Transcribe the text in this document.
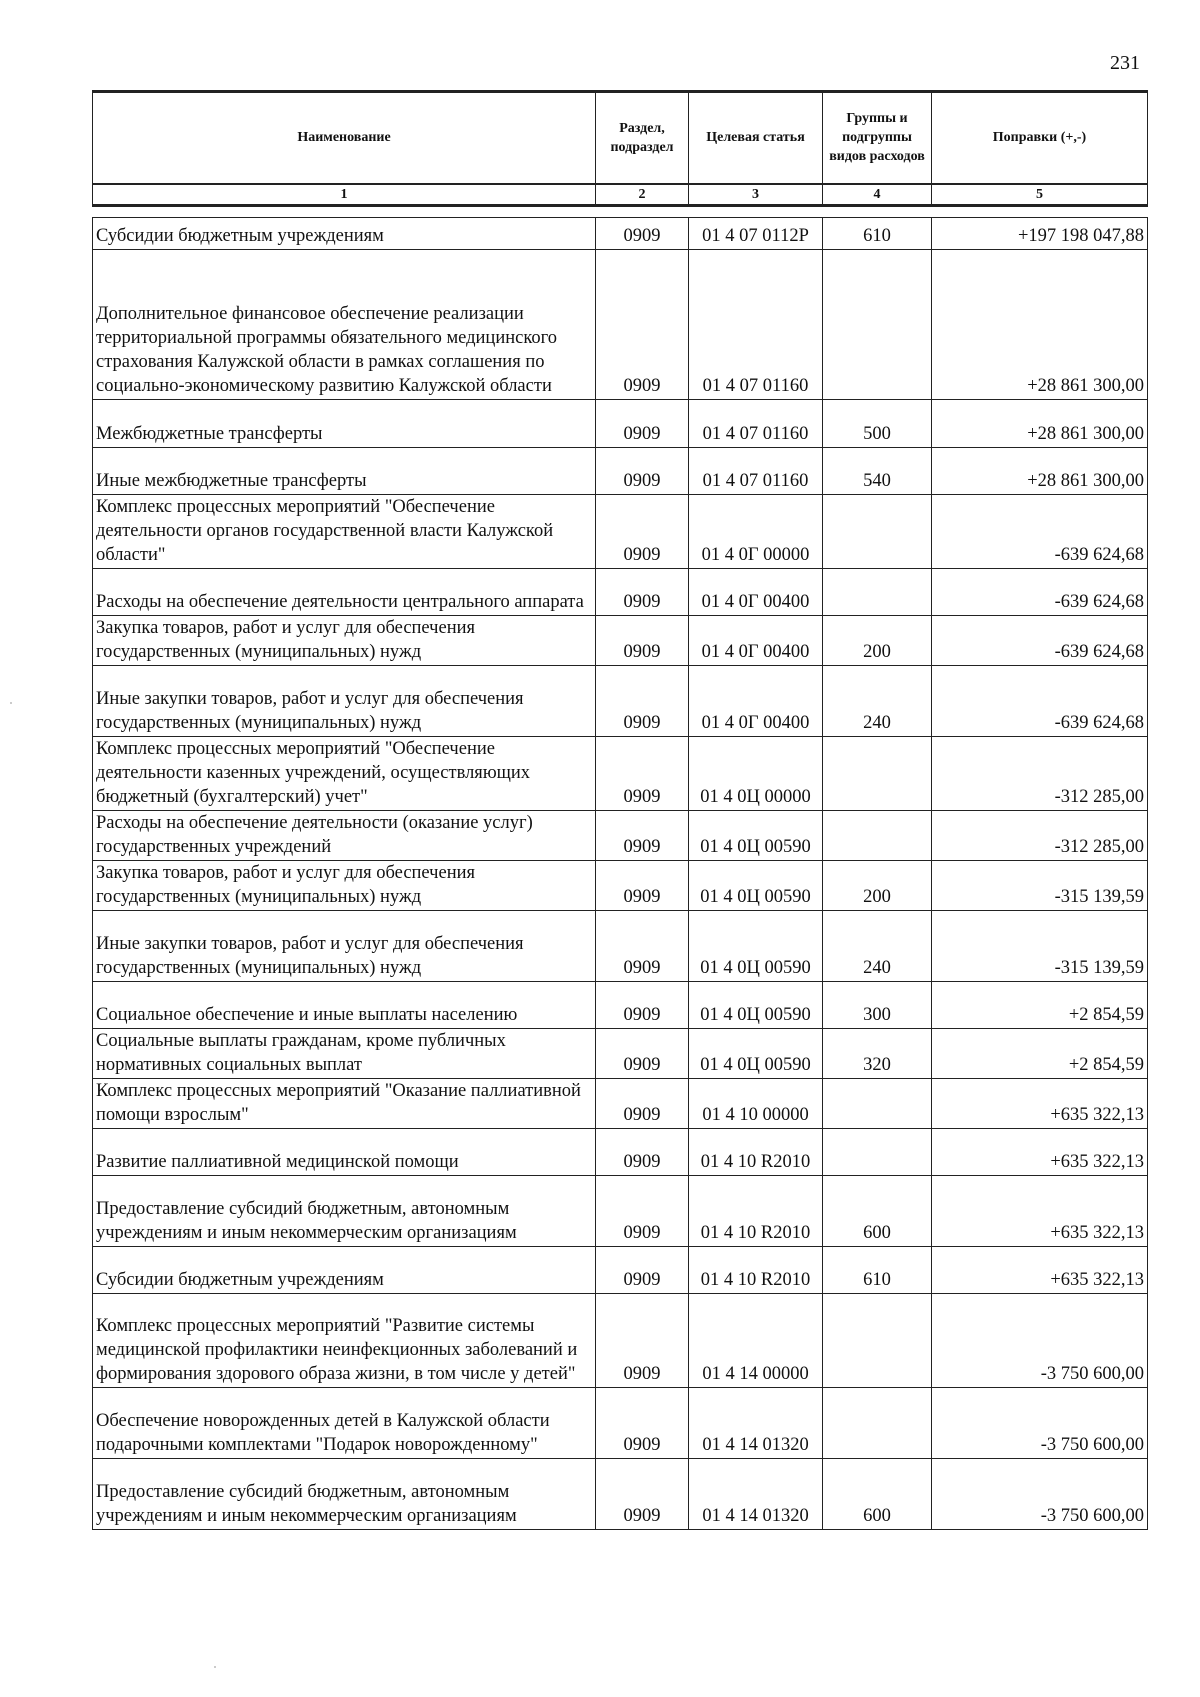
231
Наименование	Раздел, подраздел	Целевая статья	Группы и подгруппы видов расходов	Поправки (+,-)
1	2	3	4	5

Субсидии бюджетным учреждениям	0909	01 4 07 0112P	610	+197 198 047,88
Дополнительное финансовое обеспечение реализации территориальной программы обязательного медицинского страхования Калужской области в рамках соглашения по социально-экономическому развитию Калужской области	0909	01 4 07 01160		+28 861 300,00
Межбюджетные трансферты	0909	01 4 07 01160	500	+28 861 300,00
Иные межбюджетные трансферты	0909	01 4 07 01160	540	+28 861 300,00
Комплекс процессных мероприятий "Обеспечение деятельности органов государственной власти Калужской области"	0909	01 4 0Г 00000		-639 624,68
Расходы на обеспечение деятельности центрального аппарата	0909	01 4 0Г 00400		-639 624,68
Закупка товаров, работ и услуг для обеспечения государственных (муниципальных) нужд	0909	01 4 0Г 00400	200	-639 624,68
Иные закупки товаров, работ и услуг для обеспечения государственных (муниципальных) нужд	0909	01 4 0Г 00400	240	-639 624,68
Комплекс процессных мероприятий "Обеспечение деятельности казенных учреждений, осуществляющих бюджетный (бухгалтерский) учет"	0909	01 4 0Ц 00000		-312 285,00
Расходы на обеспечение деятельности (оказание услуг) государственных учреждений	0909	01 4 0Ц 00590		-312 285,00
Закупка товаров, работ и услуг для обеспечения государственных (муниципальных) нужд	0909	01 4 0Ц 00590	200	-315 139,59
Иные закупки товаров, работ и услуг для обеспечения государственных (муниципальных) нужд	0909	01 4 0Ц 00590	240	-315 139,59
Социальное обеспечение и иные выплаты населению	0909	01 4 0Ц 00590	300	+2 854,59
Социальные выплаты гражданам, кроме публичных нормативных социальных выплат	0909	01 4 0Ц 00590	320	+2 854,59
Комплекс процессных мероприятий "Оказание паллиативной помощи взрослым"	0909	01 4 10 00000		+635 322,13
Развитие паллиативной медицинской помощи	0909	01 4 10 R2010		+635 322,13
Предоставление субсидий бюджетным, автономным учреждениям и иным некоммерческим организациям	0909	01 4 10 R2010	600	+635 322,13
Субсидии бюджетным учреждениям	0909	01 4 10 R2010	610	+635 322,13
Комплекс процессных мероприятий "Развитие системы медицинской профилактики неинфекционных заболеваний и формирования здорового образа жизни, в том числе у детей"	0909	01 4 14 00000		-3 750 600,00
Обеспечение новорожденных детей в Калужской области подарочными комплектами "Подарок новорожденному"	0909	01 4 14 01320		-3 750 600,00
Предоставление субсидий бюджетным, автономным учреждениям и иным некоммерческим организациям	0909	01 4 14 01320	600	-3 750 600,00
